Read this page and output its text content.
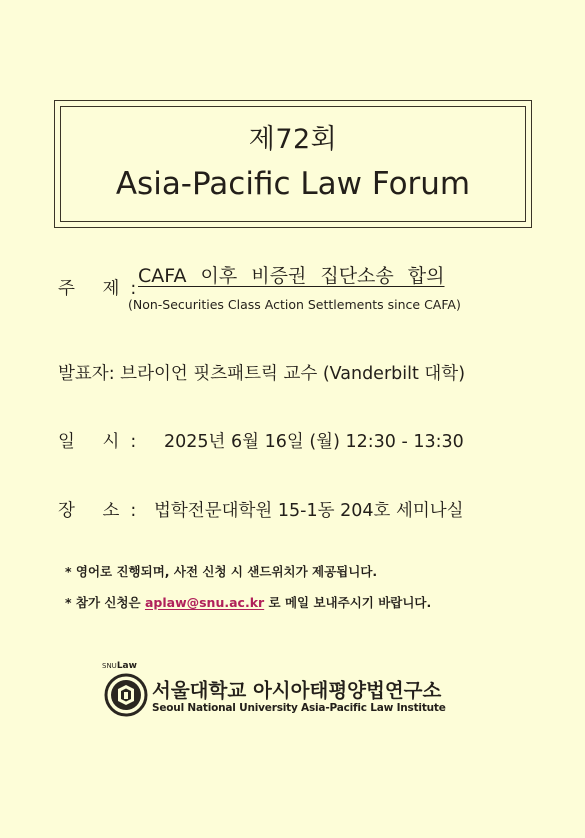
제72회
Asia-Pacific Law Forum
주 제:
CAFA 이후 비증권 집단소송 합의
(Non-Securities Class Action Settlements since CAFA)
발표자: 브라이언 핏츠패트릭 교수 (Vanderbilt 대학)
일 시: 2025년 6월 16일 (월) 12:30 - 13:30
장 소: 법학전문대학원 15-1동 204호 세미나실
* 영어로 진행되며, 사전 신청 시 샌드위치가 제공됩니다.
* 참가 신청은 aplaw@snu.ac.kr 로 메일 보내주시기 바랍니다.
SNULaw
서울대학교 아시아태평양법연구소
Seoul National University Asia-Pacific Law Institute
